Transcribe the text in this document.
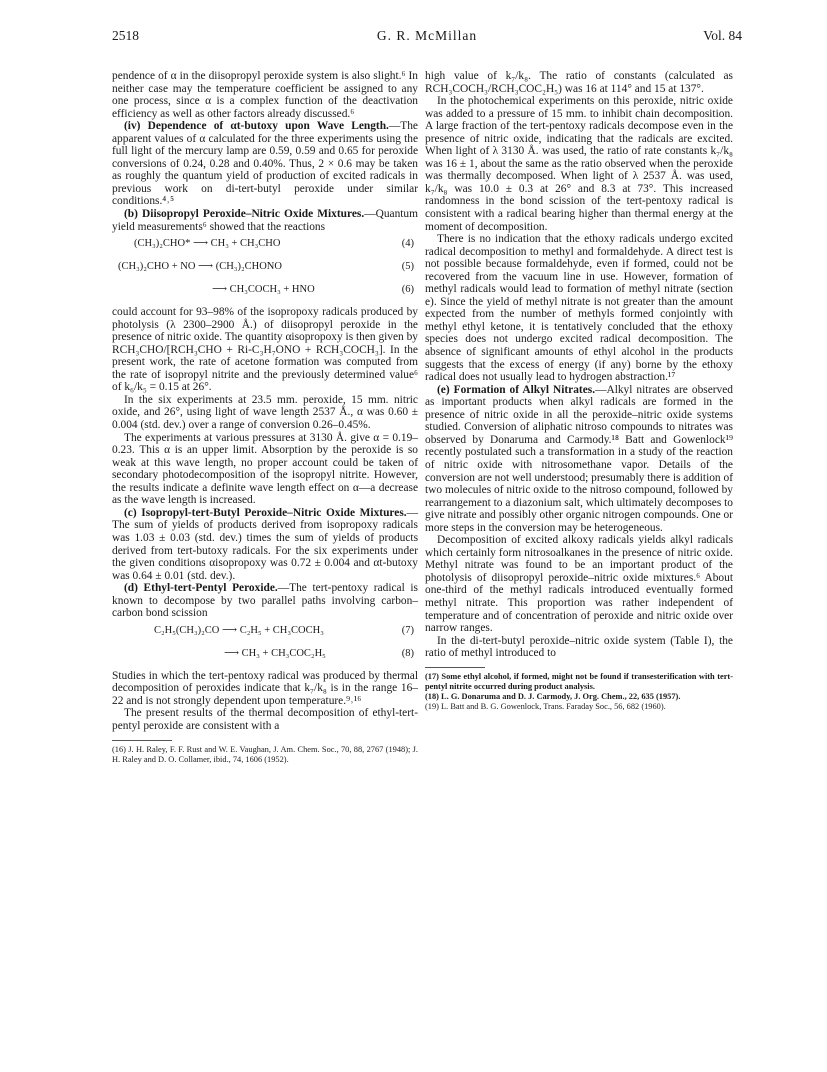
2518	G. R. McMillan	Vol. 84

pendence of α in the diisopropyl peroxide system is also slight.⁶ In neither case may the temperature coefficient be assigned to any one process, since α is a complex function of the deactivation efficiency as well as other factors already discussed.⁶

(iv) Dependence of αt-butoxy upon Wave Length.—The apparent values of α calculated for the three experiments using the full light of the mercury lamp are 0.59, 0.59 and 0.65 for peroxide conversions of 0.24, 0.28 and 0.40%. Thus, 2 × 0.6 may be taken as roughly the quantum yield of production of excited radicals in previous work on di-tert-butyl peroxide under similar conditions.⁴˒⁵

(b) Diisopropyl Peroxide–Nitric Oxide Mixtures.—Quantum yield measurements⁶ showed that the reactions

(CH₃)₂CHO* ⟶ CH₃ + CH₃CHO	(4)
(CH₃)₂CHO + NO ⟶ (CH₃)₂CHONO	(5)
⟶ CH₃COCH₃ + HNO	(6)

could account for 93–98% of the isopropoxy radicals produced by photolysis (λ 2300–2900 Å.) of diisopropyl peroxide in the presence of nitric oxide. The quantity αisopropoxy is then given by RCH₃CHO/[RCH₃CHO + Ri-C₃H₇ONO + RCH₃COCH₃]. In the present work, the rate of acetone formation was computed from the rate of isopropyl nitrite and the previously determined value⁶ of k₆/k₅ = 0.15 at 26°.

In the six experiments at 23.5 mm. peroxide, 15 mm. nitric oxide, and 26°, using light of wave length 2537 Å., α was 0.60 ± 0.004 (std. dev.) over a range of conversion 0.26–0.45%.

The experiments at various pressures at 3130 Å. give α = 0.19–0.23. This α is an upper limit. Absorption by the peroxide is so weak at this wave length, no proper account could be taken of secondary photodecomposition of the isopropyl nitrite. However, the results indicate a definite wave length effect on α—a decrease as the wave length is increased.

(c) Isopropyl-tert-Butyl Peroxide–Nitric Oxide Mixtures.—The sum of yields of products derived from isopropoxy radicals was 1.03 ± 0.03 (std. dev.) times the sum of yields of products derived from tert-butoxy radicals. For the six experiments under the given conditions αisopropoxy was 0.72 ± 0.004 and αt-butoxy was 0.64 ± 0.01 (std. dev.).

(d) Ethyl-tert-Pentyl Peroxide.—The tert-pentoxy radical is known to decompose by two parallel paths involving carbon–carbon bond scission

C₂H₅(CH₃)₂CO ⟶ C₂H₅ + CH₃COCH₃	(7)
⟶ CH₃ + CH₃COC₂H₅	(8)

Studies in which the tert-pentoxy radical was produced by thermal decomposition of peroxides indicate that k₇/k₈ is in the range 16–22 and is not strongly dependent upon temperature.⁹˒¹⁶

The present results of the thermal decomposition of ethyl-tert-pentyl peroxide are consistent with a

(16) J. H. Raley, F. F. Rust and W. E. Vaughan, J. Am. Chem. Soc., 70, 88, 2767 (1948); J. H. Raley and D. O. Collamer, ibid., 74, 1606 (1952).

high value of k₇/k₈. The ratio of constants (calculated as RCH₃COCH₃/RCH₃COC₂H₅) was 16 at 114° and 15 at 137°.

In the photochemical experiments on this peroxide, nitric oxide was added to a pressure of 15 mm. to inhibit chain decomposition. A large fraction of the tert-pentoxy radicals decompose even in the presence of nitric oxide, indicating that the radicals are excited. When light of λ 3130 Å. was used, the ratio of rate constants k₇/k₈ was 16 ± 1, about the same as the ratio observed when the peroxide was thermally decomposed. When light of λ 2537 Å. was used, k₇/k₈ was 10.0 ± 0.3 at 26° and 8.3 at 73°. This increased randomness in the bond scission of the tert-pentoxy radical is consistent with a radical bearing higher than thermal energy at the moment of decomposition.

There is no indication that the ethoxy radicals undergo excited radical decomposition to methyl and formaldehyde. A direct test is not possible because formaldehyde, even if formed, could not be recovered from the vacuum line in use. However, formation of methyl radicals would lead to formation of methyl nitrate (section e). Since the yield of methyl nitrate is not greater than the amount expected from the number of methyls formed conjointly with methyl ethyl ketone, it is tentatively concluded that the ethoxy species does not undergo excited radical decomposition. The absence of significant amounts of ethyl alcohol in the products suggests that the excess of energy (if any) borne by the ethoxy radical does not usually lead to hydrogen abstraction.¹⁷

(e) Formation of Alkyl Nitrates.—Alkyl nitrates are observed as important products when alkyl radicals are formed in the presence of nitric oxide in all the peroxide–nitric oxide systems studied. Conversion of aliphatic nitroso compounds to nitrates was observed by Donaruma and Carmody.¹⁸ Batt and Gowenlock¹⁹ recently postulated such a transformation in a study of the reaction of nitric oxide with nitrosomethane vapor. Details of the conversion are not well understood; presumably there is addition of two molecules of nitric oxide to the nitroso compound, followed by rearrangement to a diazonium salt, which ultimately decomposes to give nitrate and possibly other organic nitrogen compounds. One or more steps in the conversion may be heterogeneous.

Decomposition of excited alkoxy radicals yields alkyl radicals which certainly form nitrosoalkanes in the presence of nitric oxide. Methyl nitrate was found to be an important product of the photolysis of diisopropyl peroxide–nitric oxide mixtures.⁶ About one-third of the methyl radicals introduced eventually formed methyl nitrate. This proportion was rather independent of temperature and of concentration of peroxide and nitric oxide over narrow ranges.

In the di-tert-butyl peroxide–nitric oxide system (Table I), the ratio of methyl introduced to

(17) Some ethyl alcohol, if formed, might not be found if transesterification with tert-pentyl nitrite occurred during product analysis.

(18) L. G. Donaruma and D. J. Carmody, J. Org. Chem., 22, 635 (1957).

(19) L. Batt and B. G. Gowenlock, Trans. Faraday Soc., 56, 682 (1960).
